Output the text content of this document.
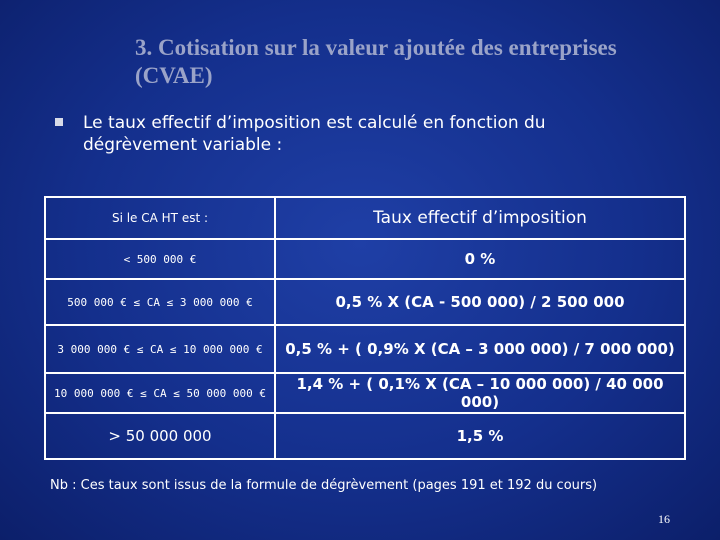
3. Cotisation sur la valeur ajoutée des entreprises (CVAE)
Le taux effectif d’imposition est calculé en fonction du dégrèvement variable :
Si le CA HT est :	Taux effectif d’imposition
< 500 000 €	0 %
500 000 € ≤ CA ≤ 3 000 000 €	0,5 % X (CA - 500 000) / 2 500 000
3 000 000 € ≤ CA ≤ 10 000 000 €	0,5 % + ( 0,9% X (CA – 3 000 000) / 7 000 000)
10 000 000 € ≤ CA ≤ 50 000 000 €	1,4 % + ( 0,1% X (CA – 10 000 000) / 40 000 000)
> 50 000 000	1,5 %
Nb : Ces taux sont issus de la formule de dégrèvement (pages 191 et 192 du cours)
16
